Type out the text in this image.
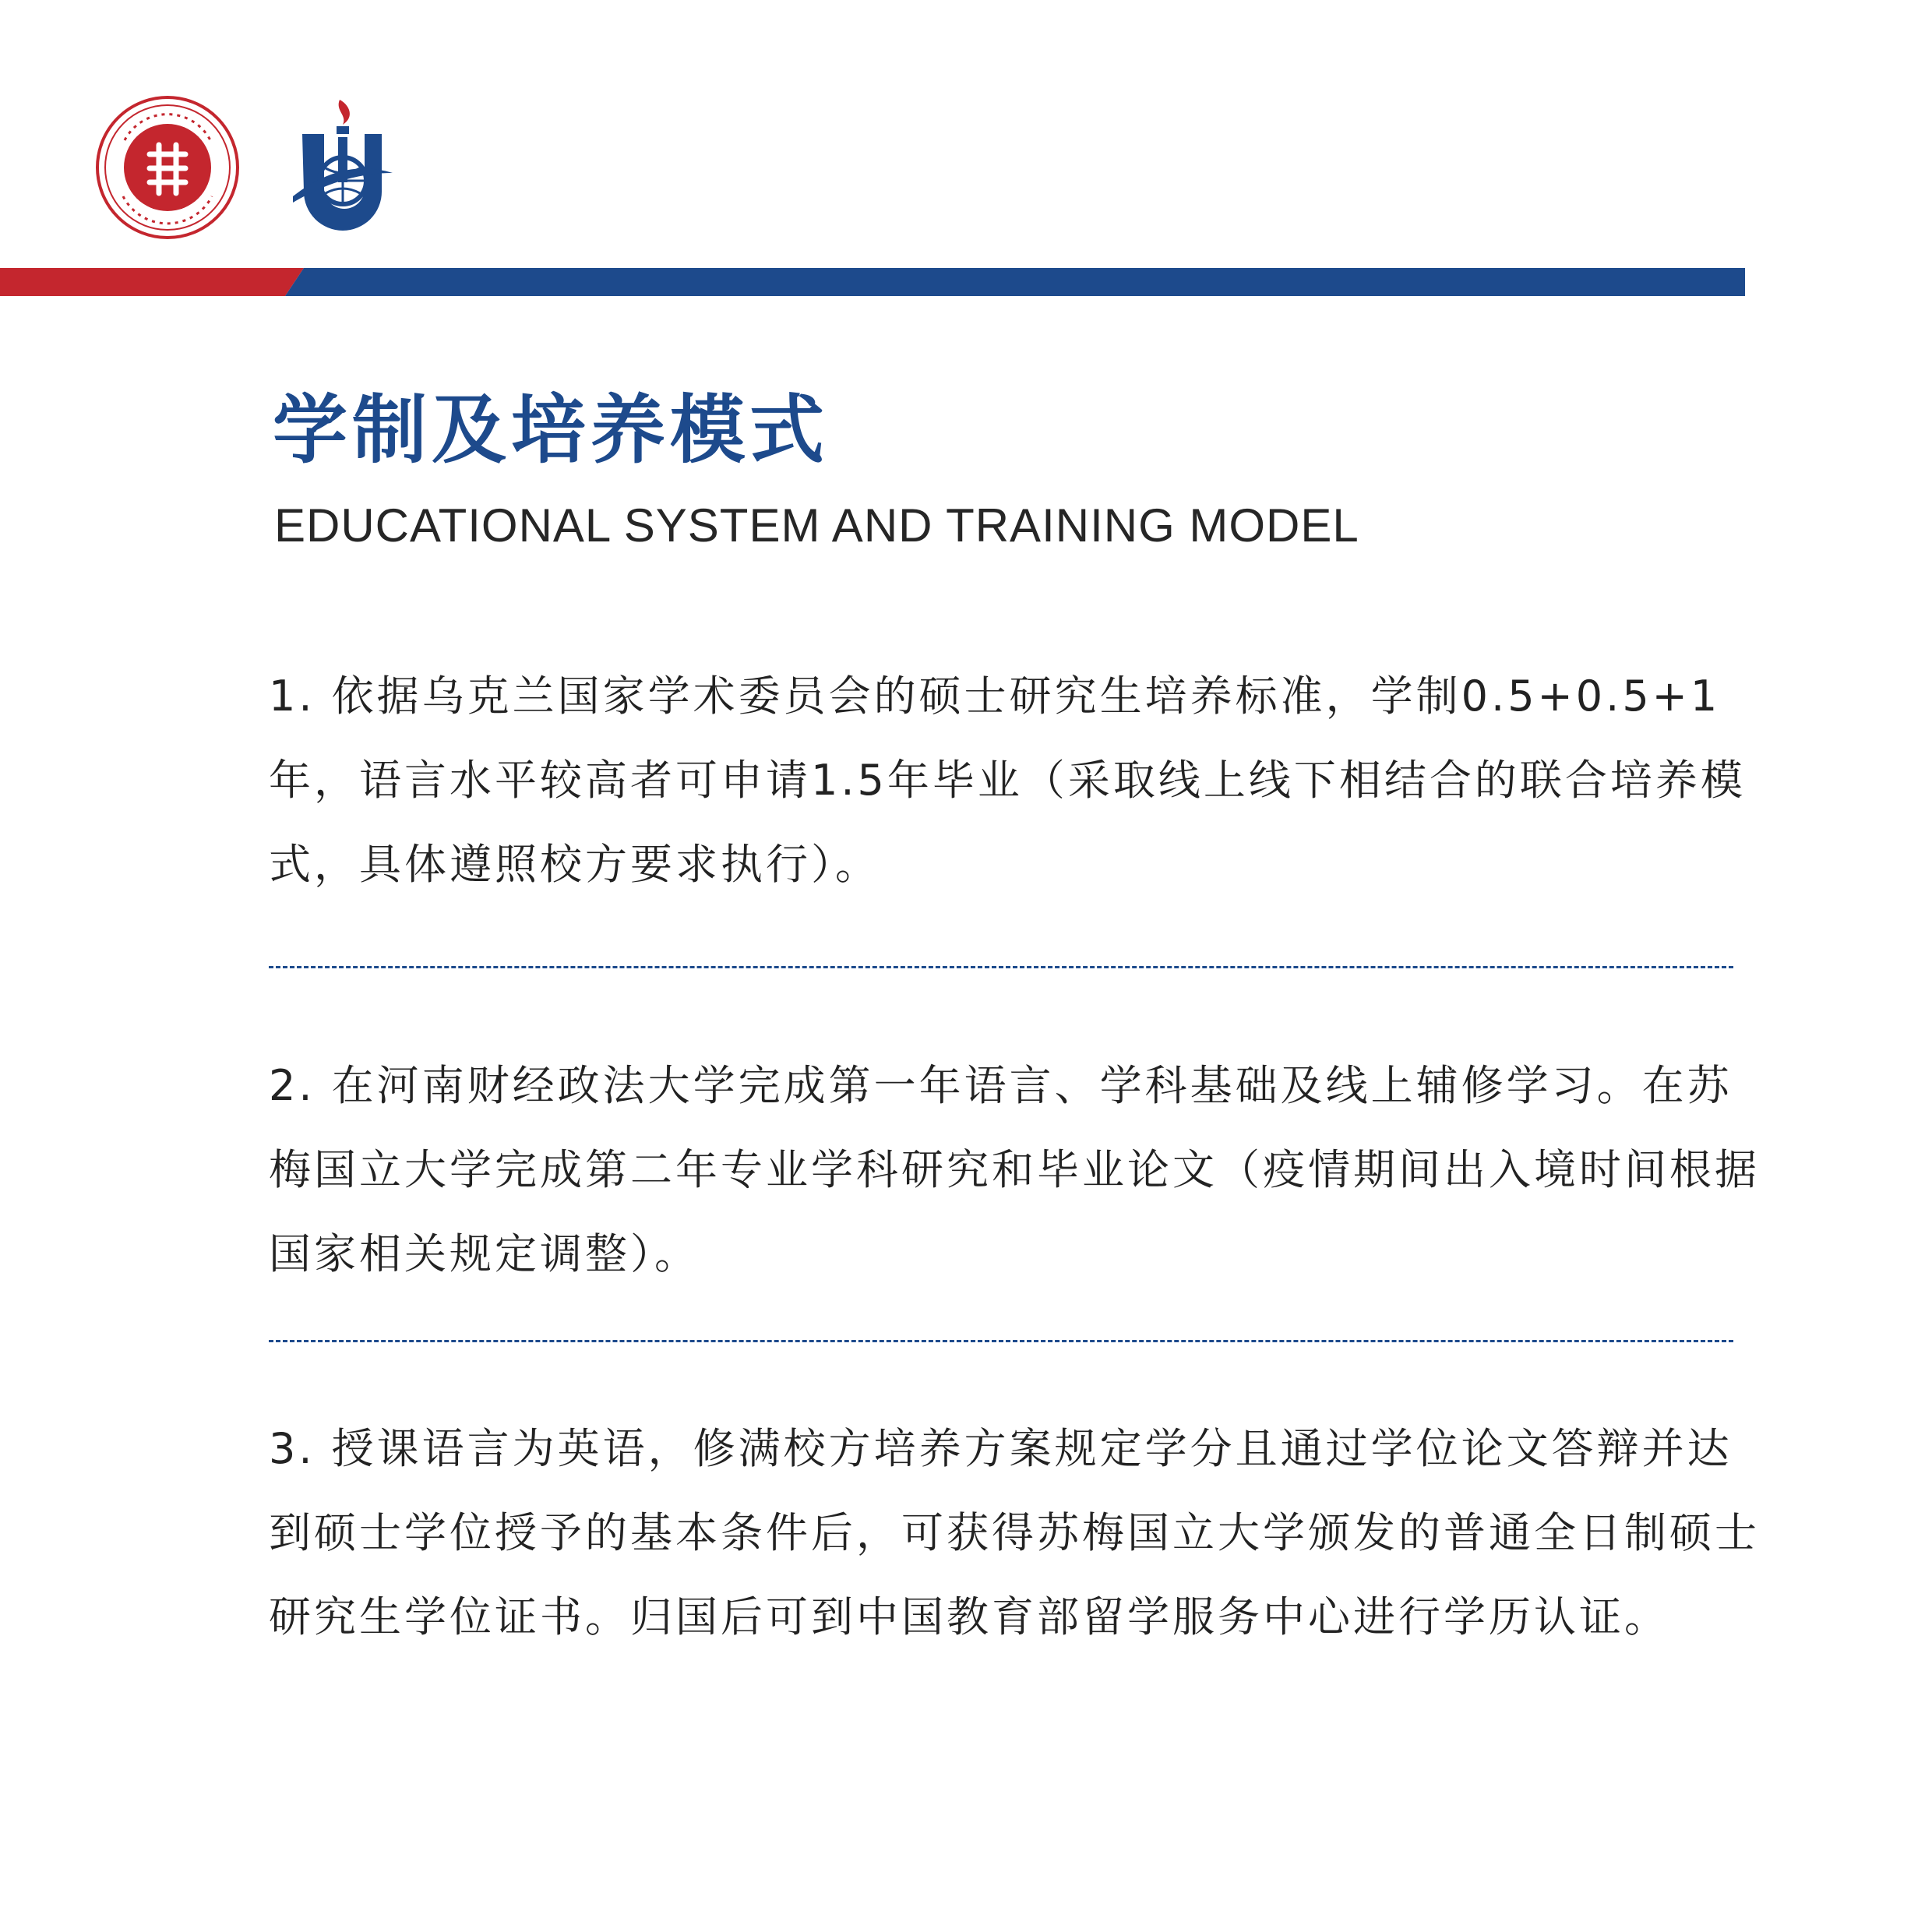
学制及培养模式
EDUCATIONAL SYSTEM AND TRAINING MODEL

1. 依据乌克兰国家学术委员会的硕士研究生培养标准，学制0.5+0.5+1年，语言水平较高者可申请1.5年毕业（采取线上线下相结合的联合培养模式，具体遵照校方要求执行）。

2. 在河南财经政法大学完成第一年语言、学科基础及线上辅修学习。在苏梅国立大学完成第二年专业学科研究和毕业论文（疫情期间出入境时间根据国家相关规定调整）。

3. 授课语言为英语，修满校方培养方案规定学分且通过学位论文答辩并达到硕士学位授予的基本条件后，可获得苏梅国立大学颁发的普通全日制硕士研究生学位证书。归国后可到中国教育部留学服务中心进行学历认证。
